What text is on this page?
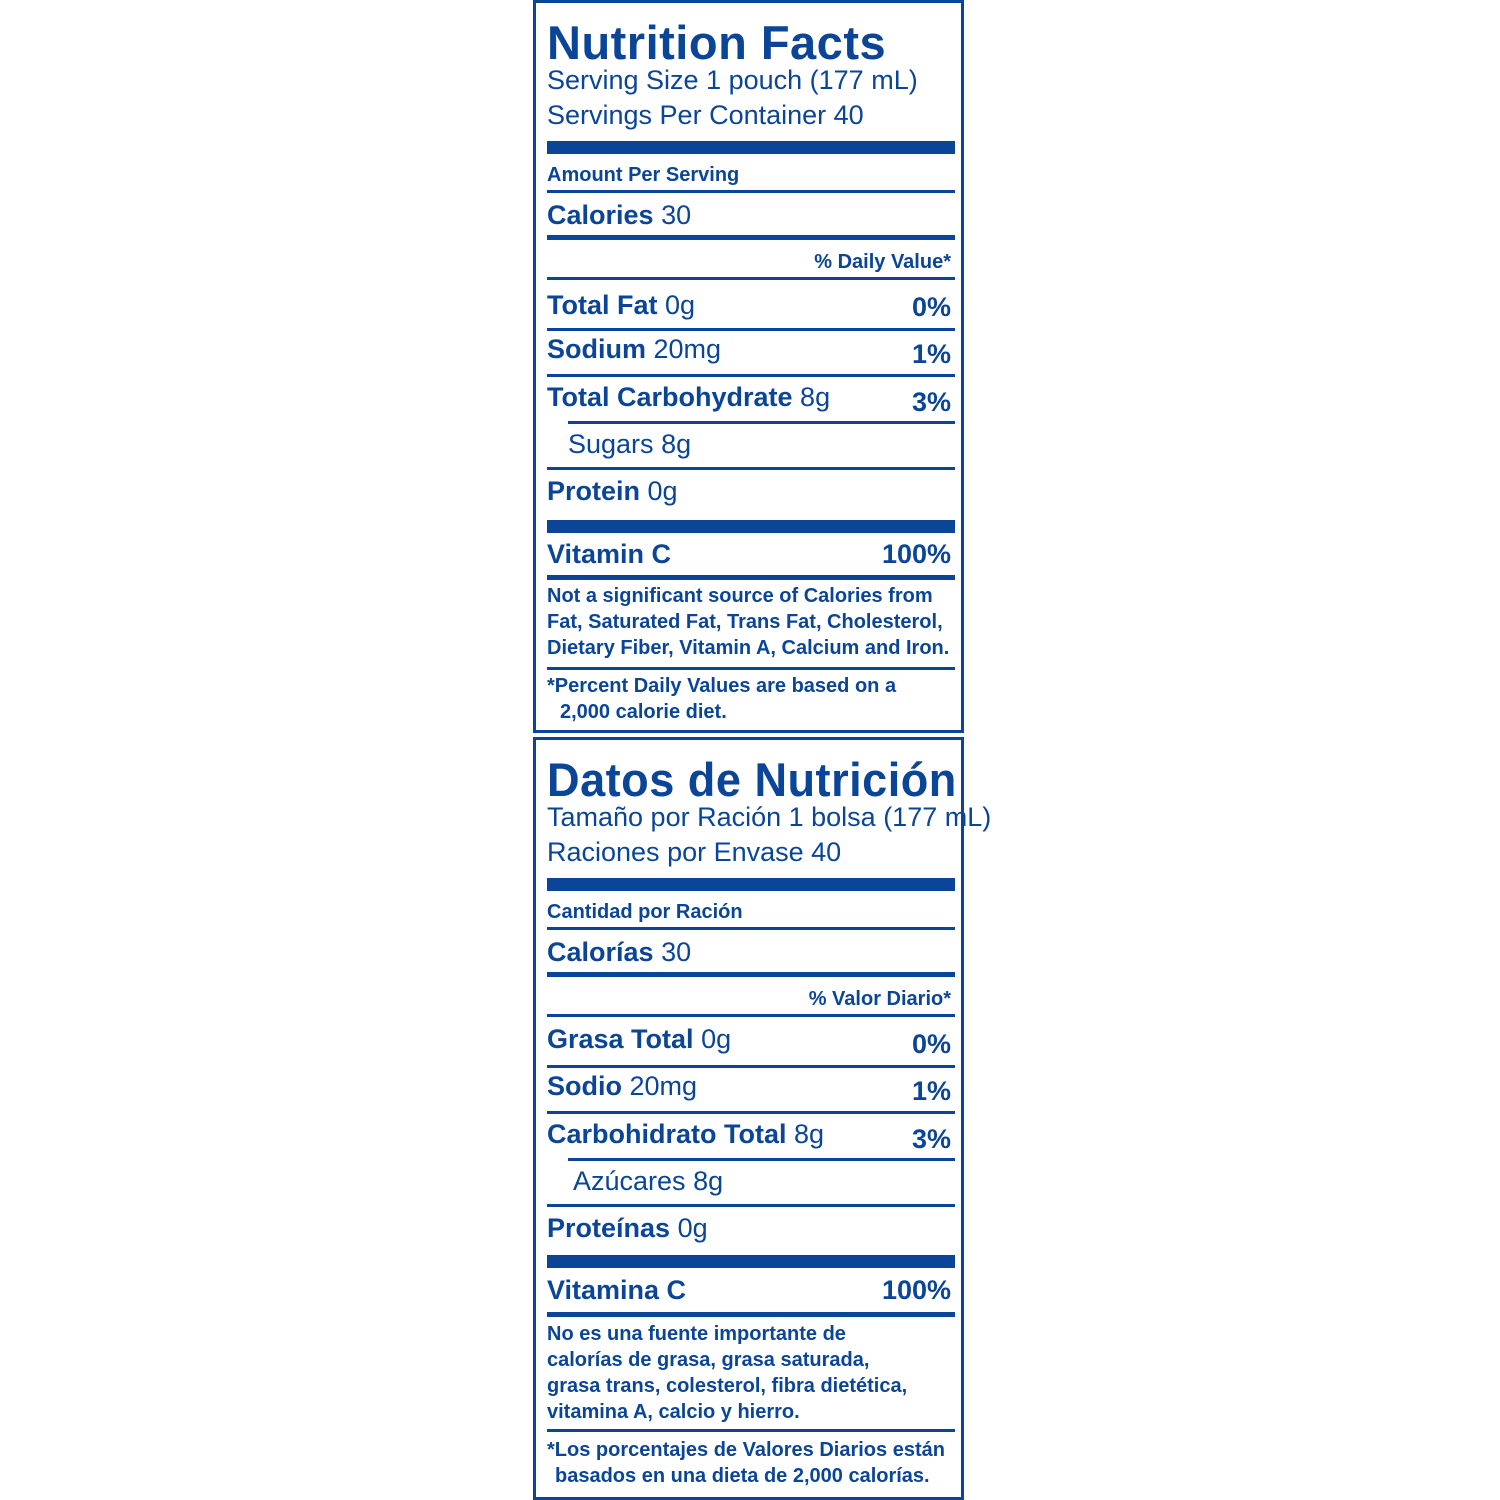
Nutrition Facts
Serving Size 1 pouch (177 mL)
Servings Per Container 40
Amount Per Serving
Calories 30
% Daily Value*
Total Fat 0g	0%
Sodium 20mg	1%
Total Carbohydrate 8g	3%
Sugars 8g
Protein 0g
Vitamin C	100%
Not a significant source of Calories from Fat, Saturated Fat, Trans Fat, Cholesterol, Dietary Fiber, Vitamin A, Calcium and Iron.
*Percent Daily Values are based on a
2,000 calorie diet.
Datos de Nutrición
Tamaño por Ración 1 bolsa (177 mL)
Raciones por Envase 40
Cantidad por Ración
Calorías 30
% Valor Diario*
Grasa Total 0g	0%
Sodio 20mg	1%
Carbohidrato Total 8g	3%
Azúcares 8g
Proteínas 0g
Vitamina C	100%
No es una fuente importante de calorías de grasa, grasa saturada, grasa trans, colesterol, fibra dietética, vitamina A, calcio y hierro.
*Los porcentajes de Valores Diarios están
basados en una dieta de 2,000 calorías.
